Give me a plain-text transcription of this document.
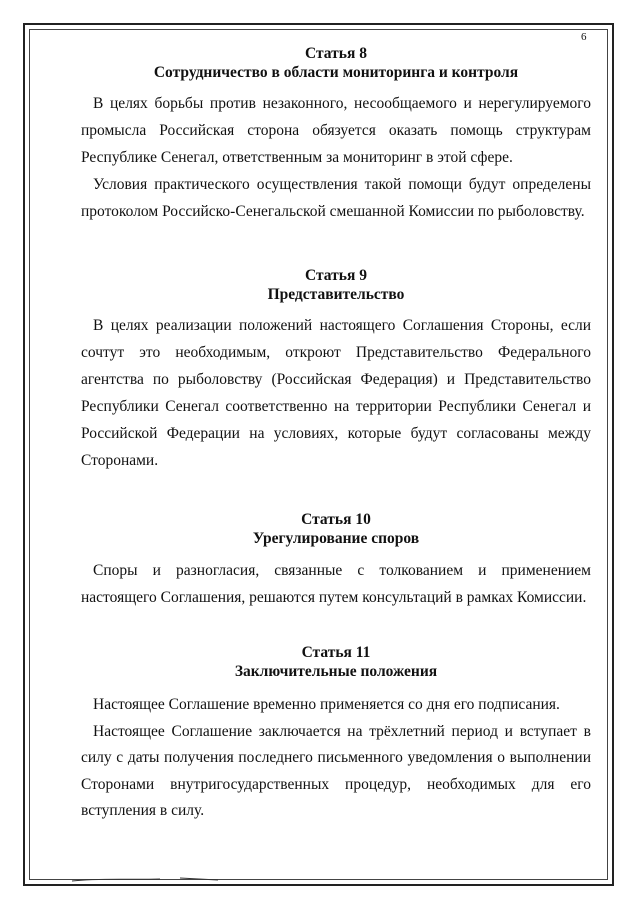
6
Статья 8
Сотрудничество в области мониторинга и контроля

В целях борьбы против незаконного, несообщаемого и нерегулируемого промысла Российская сторона обязуется оказать помощь структурам Республике Сенегал, ответственным за мониторинг в этой сфере.

Условия практического осуществления такой помощи будут определены протоколом Российско-Сенегальской смешанной Комиссии по рыболовству.

Статья 9
Представительство

В целях реализации положений настоящего Соглашения Стороны, если сочтут это необходимым, откроют Представительство Федерального агентства по рыболовству (Российская Федерация) и Представительство Республики Сенегал соответственно на территории Республики Сенегал и Российской Федерации на условиях, которые будут согласованы между Сторонами.

Статья 10
Урегулирование споров

Споры и разногласия, связанные с толкованием и применением настоящего Соглашения, решаются путем консультаций в рамках Комиссии.

Статья 11
Заключительные положения

Настоящее Соглашение временно применяется со дня его подписания.

Настоящее Соглашение заключается на трёхлетний период и вступает в силу с даты получения последнего письменного уведомления о выполнении Сторонами внутригосударственных процедур, необходимых для его вступления в силу.
